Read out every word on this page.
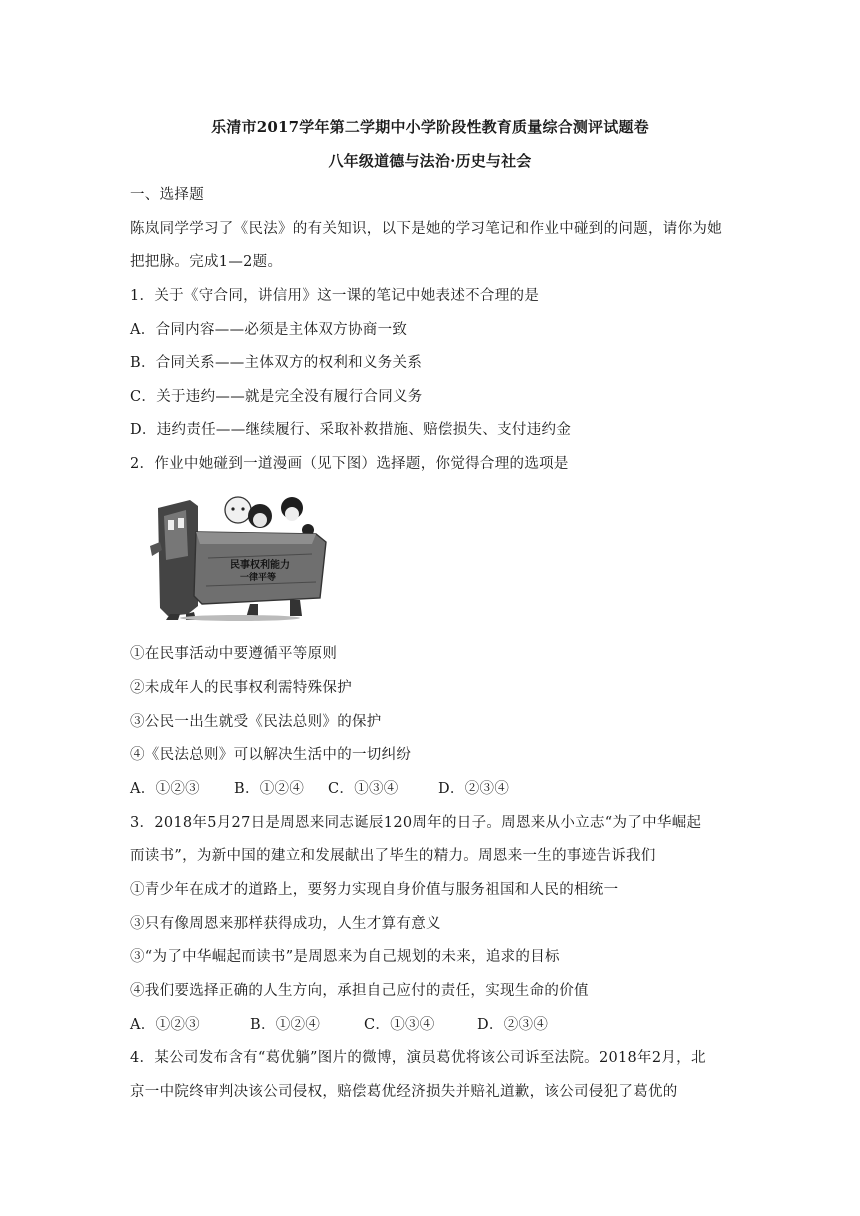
乐清市2017学年第二学期中小学阶段性教育质量综合测评试题卷
八年级道德与法治·历史与社会
一、选择题
陈岚同学学习了《民法》的有关知识，以下是她的学习笔记和作业中碰到的问题，请你为她
把把脉。完成1—2题。
1．关于《守合同，讲信用》这一课的笔记中她表述不合理的是
A．合同内容——必须是主体双方协商一致
B．合同关系——主体双方的权利和义务关系
C．关于违约——就是完全没有履行合同义务
D．违约责任——继续履行、采取补救措施、赔偿损失、支付违约金
2．作业中她碰到一道漫画（见下图）选择题，你觉得合理的选项是
民事权利能力
一律平等
①在民事活动中要遵循平等原则
②未成年人的民事权利需特殊保护
③公民一出生就受《民法总则》的保护
④《民法总则》可以解决生活中的一切纠纷
A．①②③ B．①②④ C．①③④	D．②③④
3．2018年5月27日是周恩来同志诞辰120周年的日子。周恩来从小立志“为了中华崛起
而读书”，为新中国的建立和发展献出了毕生的精力。周恩来一生的事迹告诉我们
①青少年在成才的道路上，要努力实现自身价值与服务祖国和人民的相统一
③只有像周恩来那样获得成功，人生才算有意义
③“为了中华崛起而读书”是周恩来为自己规划的未来，追求的目标
④我们要选择正确的人生方向，承担自己应付的责任，实现生命的价值
A．①②③	B．①②④	C．①③④	D．②③④
4．某公司发布含有“葛优躺”图片的微博，演员葛优将该公司诉至法院。2018年2月，北
京一中院终审判决该公司侵权，赔偿葛优经济损失并赔礼道歉，该公司侵犯了葛优的
